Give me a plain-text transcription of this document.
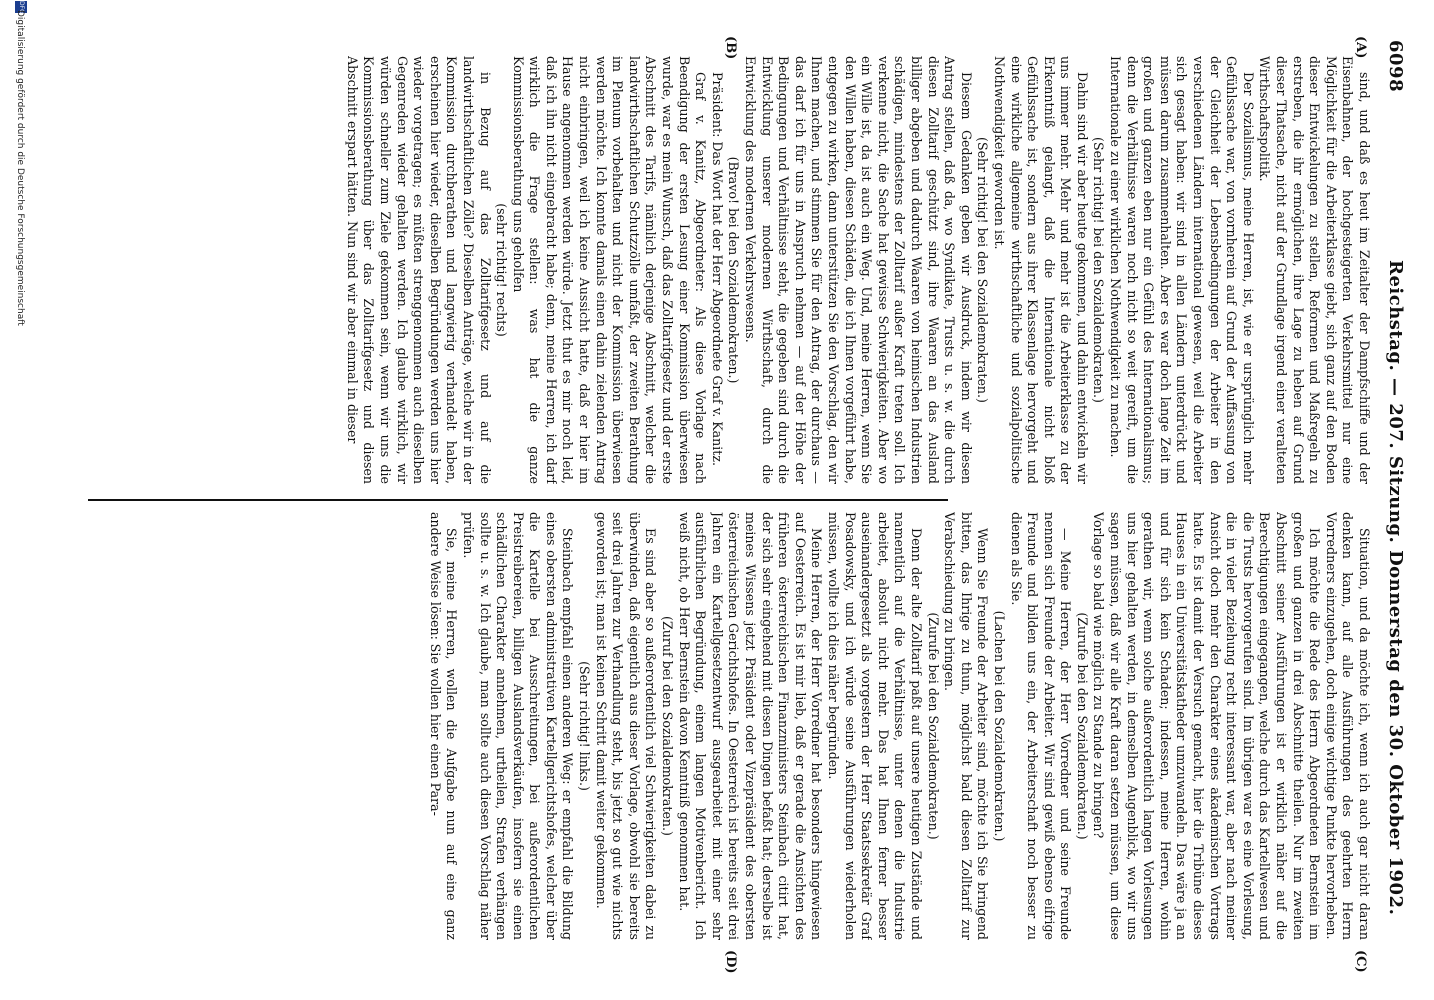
6098
Reichstag. — 207. Sitzung. Donnerstag den 30. Oktober 1902.
(A)
(B)
(C)
(D)

sind, und daß es heut im Zeitalter der Dampfschiffe und der Eisenbahnen, der hochgesteigerten Verkehrsmittel nur eine Möglichkeit für die Arbeiterklasse giebt, sich ganz auf den Boden dieser Entwickelungen zu stellen, Reformen und Maßregeln zu erstreben, die ihr ermöglichen, ihre Lage zu heben auf Grund dieser Thatsache, nicht auf der Grundlage irgend einer veralteten Wirthschaftspolitik.

Der Sozialismus, meine Herren, ist, wie er ursprünglich mehr Gefühlssache war, von vornherein auf Grund der Auffassung von der Gleichheit der Lebensbedingungen der Arbeiter in den verschiedenen Ländern international gewesen, weil die Arbeiter sich gesagt haben: wir sind in allen Ländern unterdrückt und müssen darum zusammenhalten. Aber es war doch lange Zeit im großen und ganzen eben nur ein Gefühl des Internationalismus; denn die Verhältnisse waren noch nicht so weit gereift, um die Internationale zu einer wirklichen Nothwendigkeit zu machen.

(Sehr richtig! bei den Sozialdemokraten.)

Dahin sind wir aber heute gekommen, und dahin entwickeln wir uns immer mehr. Mehr und mehr ist die Arbeiterklasse zu der Erkenntniß gelangt, daß die Internationale nicht bloß Gefühlssache ist, sondern aus ihrer Klassenlage hervorgeht und eine wirkliche allgemeine wirthschaftliche und sozialpolitische Nothwendigkeit geworden ist.

(Sehr richtig! bei den Sozialdemokraten.)

Diesem Gedanken geben wir Ausdruck, indem wir diesen Antrag stellen, daß da, wo Syndikate, Trusts u. s. w. die durch diesen Zolltarif geschützt sind, ihre Waaren an das Ausland billiger abgeben und dadurch Waaren von heimischen Industrien schädigen, mindestens der Zolltarif außer Kraft treten soll. Ich verkenne nicht, die Sache hat gewisse Schwierigkeiten. Aber wo ein Wille ist, da ist auch ein Weg. Und, meine Herren, wenn Sie den Willen haben, diesen Schäden, die ich Ihnen vorgeführt habe, entgegen zu wirken, dann unterstützen Sie den Vorschlag, den wir Ihnen machen, und stimmen Sie für den Antrag, der durchaus — das darf ich für uns in Anspruch nehmen — auf der Höhe der Bedingungen und Verhältnisse steht, die gegeben sind durch die Entwicklung unserer modernen Wirthschaft, durch die Entwicklung des modernen Verkehrswesens.

(Bravo! bei den Sozialdemokraten.)

Präsident: Das Wort hat der Herr Abgeordnete Graf v. Kanitz.

Graf v. Kanitz, Abgeordneter: Als diese Vorlage nach Beendigung der ersten Lesung einer Kommission überwiesen wurde, war es mein Wunsch, daß das Zolltarifgesetz und der erste Abschnitt des Tarifs, nämlich derjenige Abschnitt, welcher die landwirthschaftlichen Schutzzölle umfaßt, der zweiten Berathung im Plenum vorbehalten und nicht der Kommission überwiesen werden möchte. Ich konnte damals einen dahin zielenden Antrag nicht einbringen, weil ich keine Aussicht hatte, daß er hier im Hause angenommen werden würde. Jetzt thut es mir noch leid, daß ich ihn nicht eingebracht habe; denn, meine Herren, ich darf wirklich die Frage stellen: was hat die ganze Kommissionsberathung uns geholfen

(sehr richtig! rechts)

in Bezug auf das Zolltarifgesetz und auf die landwirthschaftlichen Zölle? Dieselben Anträge, welche wir in der Kommission durchberathen und langwierig verhandelt haben, erscheinen hier wieder, dieselben Begründungen werden uns hier wieder vorgetragen; es müßten strenggenommen auch dieselben Gegenreden wieder gehalten werden. Ich glaube wirklich, wir würden schneller zum Ziele gekommen sein, wenn wir uns die Kommissionsberathung über das Zolltarifgesetz und diesen Abschnitt erspart hätten. Nun sind wir aber einmal in dieser

Situation, und da möchte ich, wenn ich auch gar nicht daran denken kann, auf alle Ausführungen des geehrten Herrn Vorredners einzugehen, doch einige wichtige Punkte hervorheben.

Ich möchte die Rede des Herrn Abgeordneten Bernstein im großen und ganzen in drei Abschnitte theilen. Nur im zweiten Abschnitt seiner Ausführungen ist er wirklich näher auf die Berechtigungen eingegangen, welche durch das Kartellwesen und die Trusts hervorgerufen sind. Im übrigen war es eine Vorlesung, die in vieler Beziehung recht interessant war, aber nach meiner Ansicht doch mehr den Charakter eines akademischen Vortrags hatte. Es ist damit der Versuch gemacht, hier die Tribüne dieses Hauses in ein Universitätskatheder umzuwandeln. Das wäre ja an und für sich kein Schaden; indessen, meine Herren, wohin gerathen wir, wenn solche außerordentlich langen Vorlesungen uns hier gehalten werden, in demselben Augenblick, wo wir uns sagen müssen, daß wir alle Kraft daran setzen müssen, um diese Vorlage so bald wie möglich zu Stande zu bringen?

(Zurufe bei den Sozialdemokraten.)

— Meine Herren, der Herr Vorredner und seine Freunde nennen sich Freunde der Arbeiter. Wir sind gewiß ebenso eifrige Freunde und bilden uns ein, der Arbeiterschaft noch besser zu dienen als Sie.

(Lachen bei den Sozialdemokraten.)

Wenn Sie Freunde der Arbeiter sind, möchte ich Sie bringend bitten, das Ihrige zu thun, möglichst bald diesen Zolltarif zur Verabschiedung zu bringen.

(Zurufe bei den Sozialdemokraten.)

Denn der alte Zolltarif paßt auf unsere heutigen Zustände und namentlich auf die Verhältnisse, unter denen die Industrie arbeitet, absolut nicht mehr. Das hat Ihnen ferner besser auseinandergesetzt als vorgestern der Herr Staatssekretär Graf Posadowsky, und ich würde seine Ausführungen wiederholen müssen, wollte ich dies näher begründen.

Meine Herren, der Herr Vorredner hat besonders hingewiesen auf Oesterreich. Es ist mir lieb, daß er gerade die Ansichten des früheren österreichischen Finanzministers Steinbach citirt hat, der sich sehr eingehend mit diesen Dingen befaßt hat; derselbe ist meines Wissens jetzt Präsident oder Vizepräsident des obersten österreichischen Gerichtshofes. In Oesterreich ist bereits seit drei Jahren ein Kartellgesetzentwurf ausgearbeitet mit einer sehr ausführlichen Begründung, einem langen Motivenbericht. Ich weiß nicht, ob Herr Bernstein davon Kenntniß genommen hat.

(Zuruf bei den Sozialdemokraten.)

Es sind aber so außerordentlich viel Schwierigkeiten dabei zu überwinden, daß eigentlich aus dieser Vorlage, obwohl sie bereits seit drei Jahren zur Verhandlung steht, bis jetzt so gut wie nichts geworden ist; man ist keinen Schritt damit weiter gekommen.

(Sehr richtig! links.)

Steinbach empfahl einen anderen Weg: er empfahl die Bildung eines obersten administrativen Kartellgerichtshofes, welcher über die Kartelle bei Ausschreitungen, bei außerordentlichen Preistreibereien, billigen Auslandsverkäufen, insofern sie einen schädlichen Charakter annehmen, urtheilen, Strafen verhängen sollte u. s. w. Ich glaube, man sollte auch diesen Vorschlag näher prüfen.

Sie, meine Herren, wollen die Aufgabe nun auf eine ganz andere Weise lösen: Sie wollen hier einen Para-

DFG
Digitalisierung gefördert durch die Deutsche Forschungsgemeinschaft
